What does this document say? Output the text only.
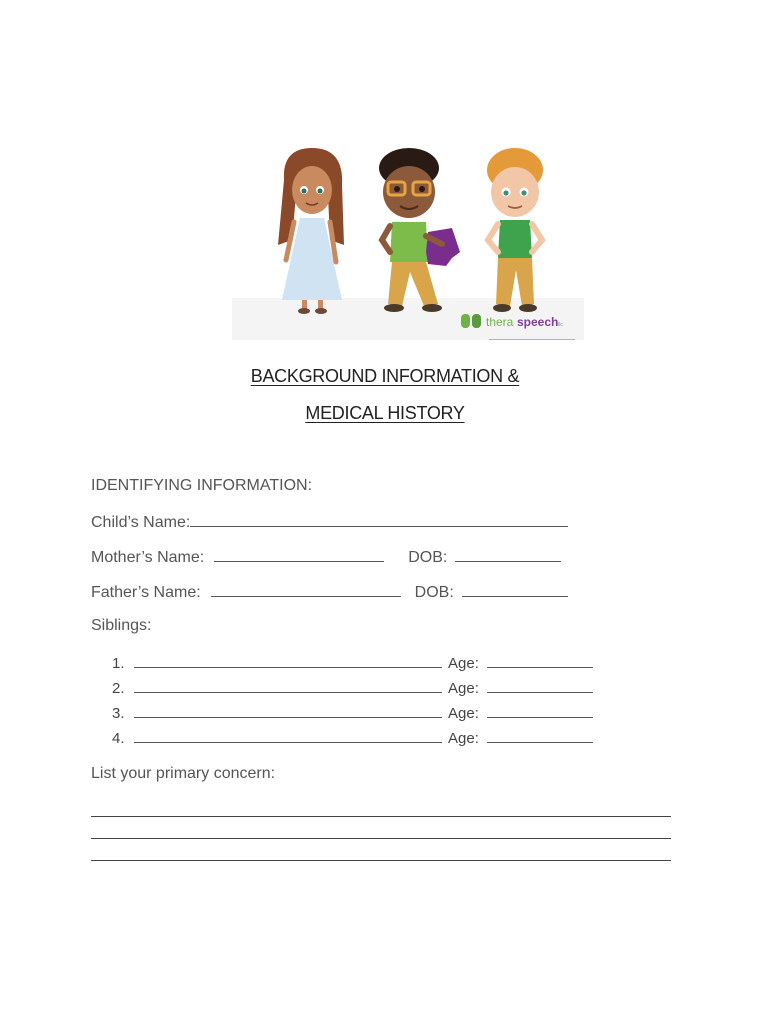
thera speech llc
BACKGROUND INFORMATION &
MEDICAL HISTORY
IDENTIFYING INFORMATION:
Child’s Name:
Mother’s Name:	DOB:
Father’s Name:	DOB:
Siblings:
1.	Age:
2.	Age:
3.	Age:
4.	Age:
List your primary concern:
